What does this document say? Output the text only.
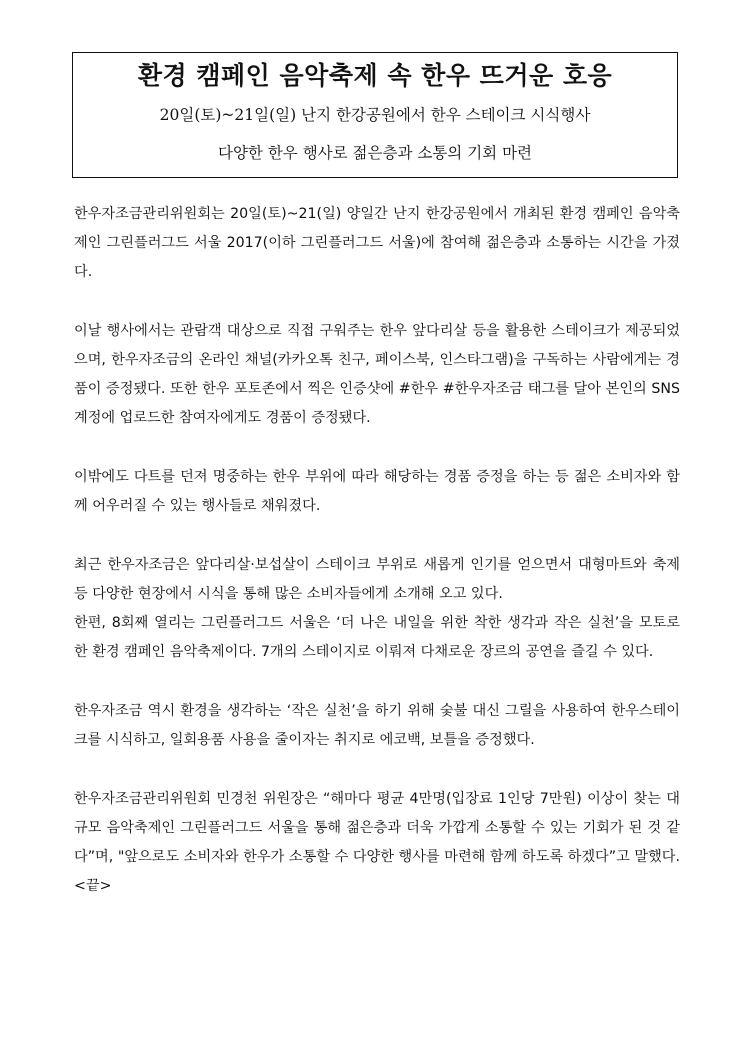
환경 캠페인 음악축제 속 한우 뜨거운 호응
20일(토)~21일(일) 난지 한강공원에서 한우 스테이크 시식행사
다양한 한우 행사로 젊은층과 소통의 기회 마련

한우자조금관리위원회는 20일(토)~21(일) 양일간 난지 한강공원에서 개최된 환경 캠페인 음악축제인 그린플러그드 서울 2017(이하 그린플러그드 서울)에 참여해 젊은층과 소통하는 시간을 가졌다.

이날 행사에서는 관람객 대상으로 직접 구워주는 한우 앞다리살 등을 활용한 스테이크가 제공되었으며, 한우자조금의 온라인 채널(카카오톡 친구, 페이스북, 인스타그램)을 구독하는 사람에게는 경품이 증정됐다. 또한 한우 포토존에서 찍은 인증샷에 #한우 #한우자조금 태그를 달아 본인의 SNS 계정에 업로드한 참여자에게도 경품이 증정됐다.

이밖에도 다트를 던져 명중하는 한우 부위에 따라 해당하는 경품 증정을 하는 등 젊은 소비자와 함께 어우러질 수 있는 행사들로 채워졌다.

최근 한우자조금은 앞다리살·보섭살이 스테이크 부위로 새롭게 인기를 얻으면서 대형마트와 축제 등 다양한 현장에서 시식을 통해 많은 소비자들에게 소개해 오고 있다.

한편, 8회째 열리는 그린플러그드 서울은 ‘더 나은 내일을 위한 착한 생각과 작은 실천’을 모토로 한 환경 캠페인 음악축제이다. 7개의 스테이지로 이뤄져 다채로운 장르의 공연을 즐길 수 있다.

한우자조금 역시 환경을 생각하는 ‘작은 실천’을 하기 위해 숯불 대신 그릴을 사용하여 한우스테이크를 시식하고, 일회용품 사용을 줄이자는 취지로 에코백, 보틀을 증정했다.

한우자조금관리위원회 민경천 위원장은 “해마다 평균 4만명(입장료 1인당 7만원) 이상이 찾는 대규모 음악축제인 그린플러그드 서울을 통해 젊은층과 더욱 가깝게 소통할 수 있는 기회가 된 것 같다”며, "앞으로도 소비자와 한우가 소통할 수 다양한 행사를 마련해 함께 하도록 하겠다”고 말했다.<끝>
